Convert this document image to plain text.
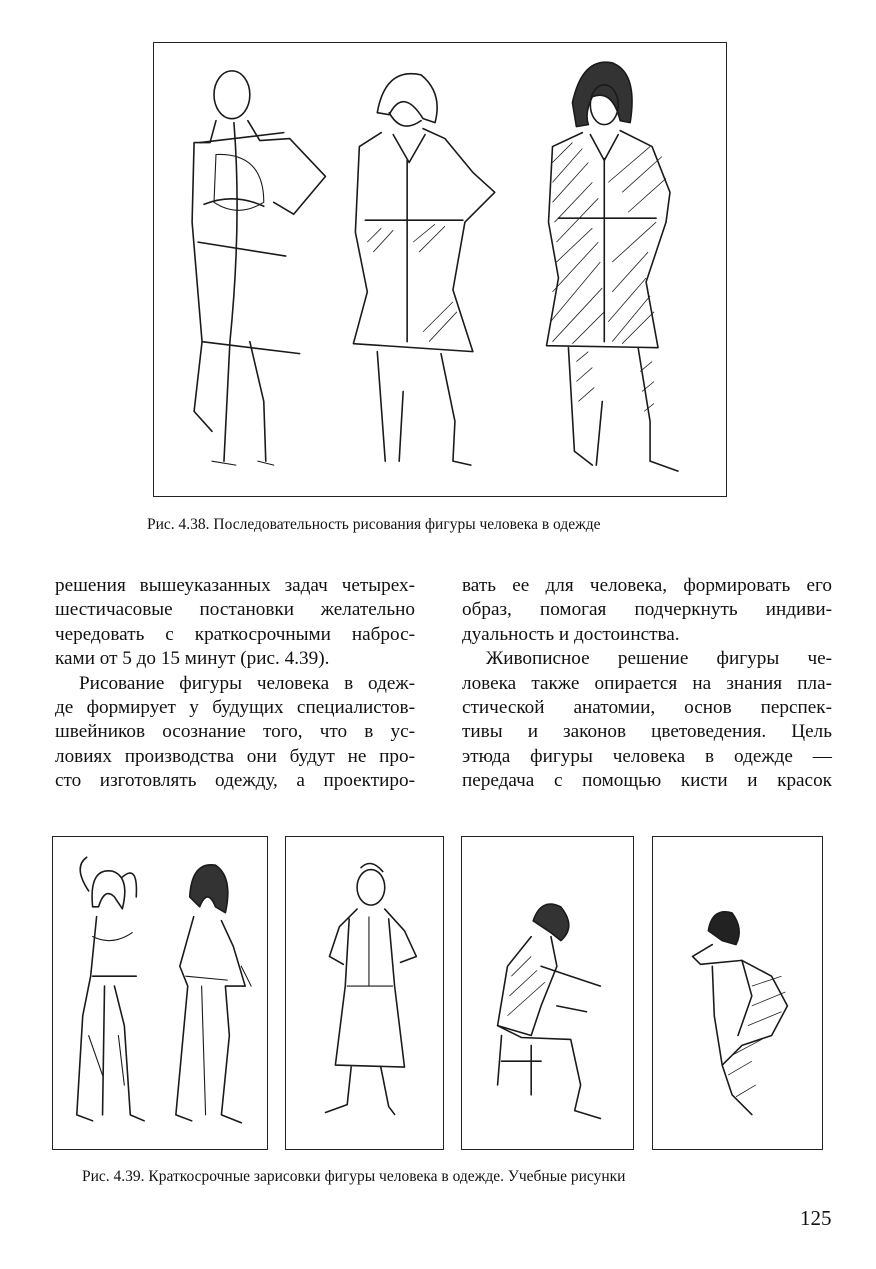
Рис. 4.38. Последовательность рисования фигуры человека в одежде
решения вышеуказанных задач четырех-
шестичасовые постановки желательно
чередовать с краткосрочными наброс-
ками от 5 до 15 минут (рис. 4.39).
Рисование фигуры человека в одеж-
де формирует у будущих специалистов-
швейников осознание того, что в ус-
ловиях производства они будут не про-
сто изготовлять одежду, а проектиро-
вать ее для человека, формировать его
образ, помогая подчеркнуть индиви-
дуальность и достоинства.
Живописное решение фигуры че-
ловека также опирается на знания пла-
стической анатомии, основ перспек-
тивы и законов цветоведения. Цель
этюда фигуры человека в одежде —
передача с помощью кисти и красок
Рис. 4.39. Краткосрочные зарисовки фигуры человека в одежде. Учебные рисунки
125
